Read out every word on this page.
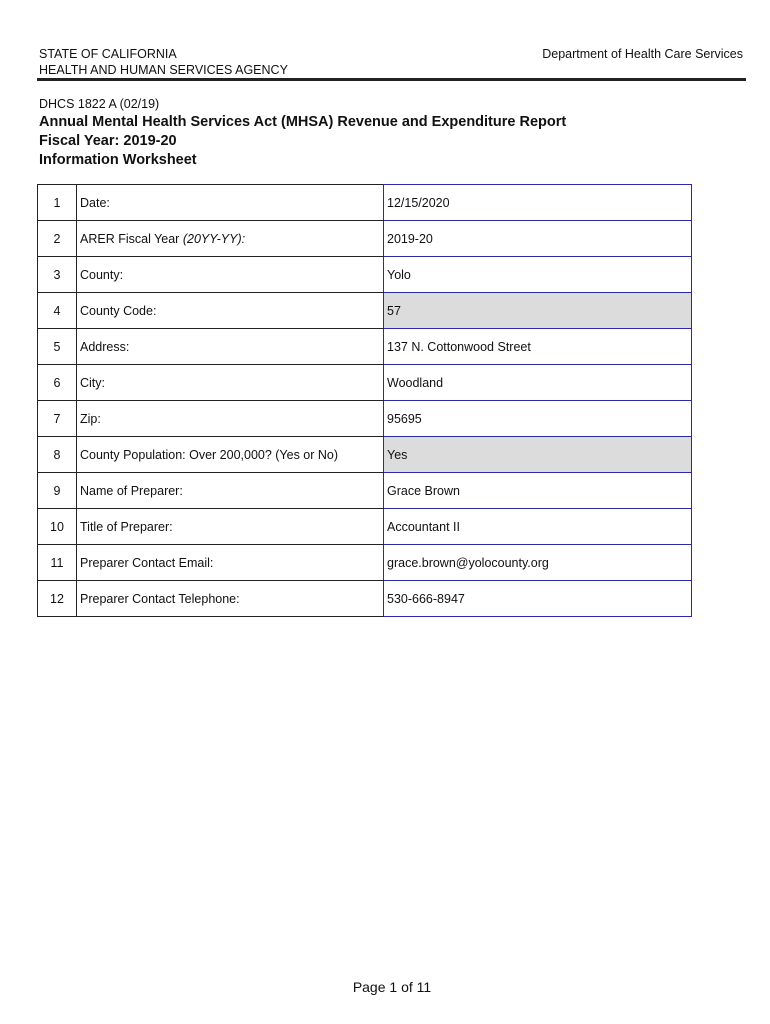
STATE OF CALIFORNIA
HEALTH AND HUMAN SERVICES AGENCY
Department of Health Care Services
DHCS 1822 A (02/19)
Annual Mental Health Services Act (MHSA) Revenue and Expenditure Report
Fiscal Year: 2019-20
Information Worksheet
1	Date:	12/15/2020
2	ARER Fiscal Year (20YY-YY):	2019-20
3	County:	Yolo
4	County Code:	57
5	Address:	137 N. Cottonwood Street
6	City:	Woodland
7	Zip:	95695
8	County Population: Over 200,000? (Yes or No)	Yes
9	Name of Preparer:	Grace Brown
10	Title of Preparer:	Accountant II
11	Preparer Contact Email:	grace.brown@yolocounty.org
12	Preparer Contact Telephone:	530-666-8947
Page 1 of 11
